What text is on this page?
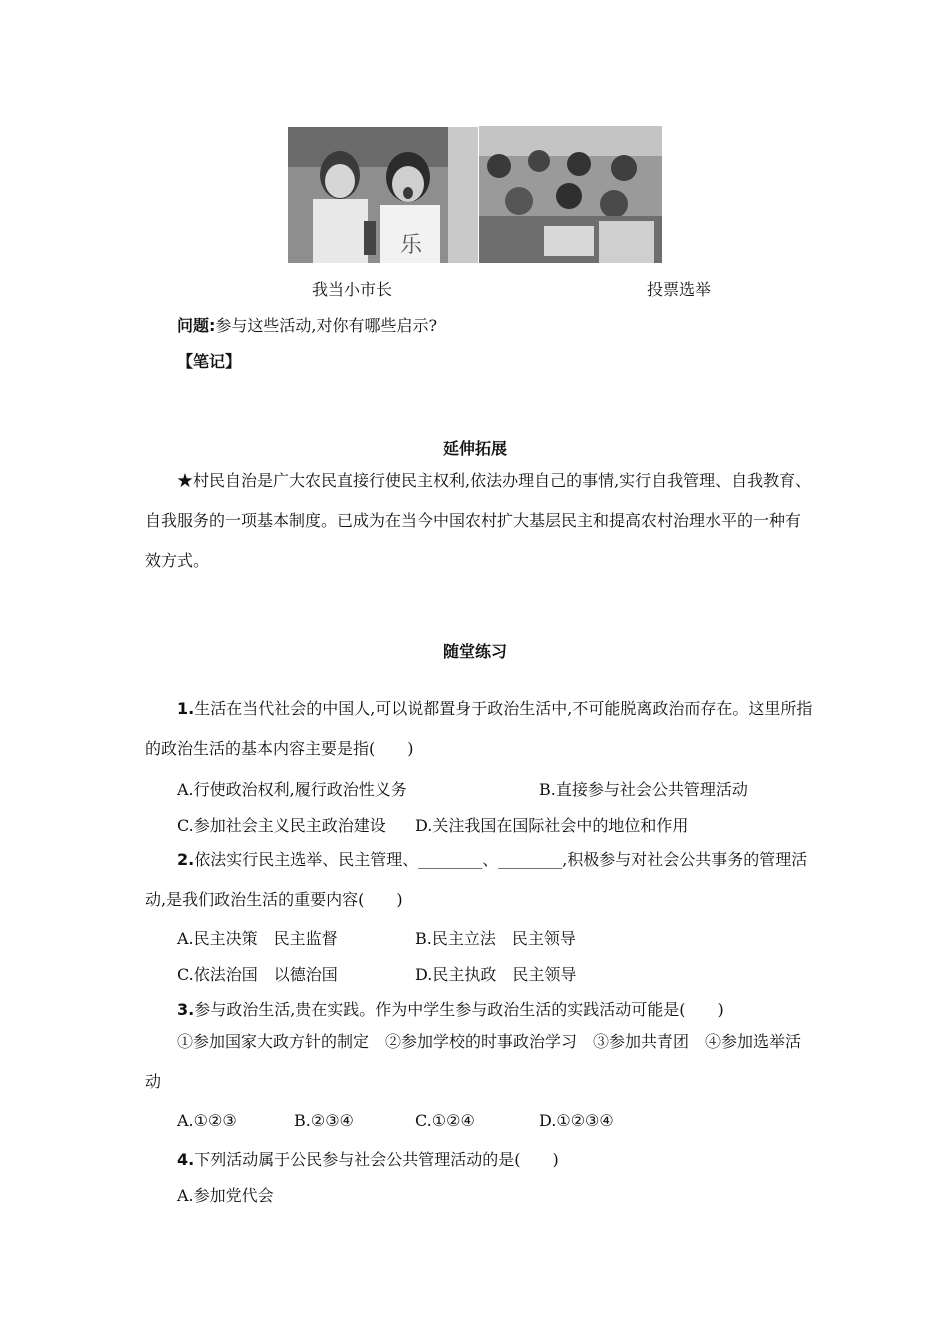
乐
我当小市长	投票选举
问题:参与这些活动,对你有哪些启示?
【笔记】
延伸拓展
★村民自治是广大农民直接行使民主权利,依法办理自己的事情,实行自我管理、自我教育、自我服务的一项基本制度。已成为在当今中国农村扩大基层民主和提高农村治理水平的一种有效方式。
随堂练习
1.生活在当代社会的中国人,可以说都置身于政治生活中,不可能脱离政治而存在。这里所指的政治生活的基本内容主要是指(　　)
A.行使政治权利,履行政治性义务	B.直接参与社会公共管理活动
C.参加社会主义民主政治建设 D.关注我国在国际社会中的地位和作用
2.依法实行民主选举、民主管理、________、________,积极参与对社会公共事务的管理活动,是我们政治生活的重要内容(　　)
A.民主决策　民主监督	B.民主立法　民主领导
C.依法治国　以德治国	D.民主执政　民主领导
3.参与政治生活,贵在实践。作为中学生参与政治生活的实践活动可能是(　　)
①参加国家大政方针的制定　②参加学校的时事政治学习　③参加共青团　④参加选举活动
A.①②③	B.②③④	C.①②④	D.①②③④
4.下列活动属于公民参与社会公共管理活动的是(　　)
A.参加党代会
